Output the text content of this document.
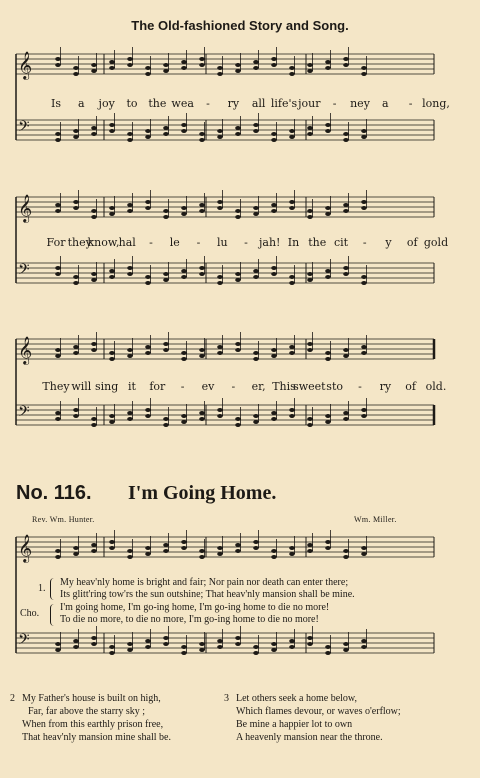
The Old-fashioned Story and Song.
𝄞
𝄢
Is a joy to the wea - ry all life's jour - ney a - long,
𝄞
𝄢
For they
know, hal - le - lu - jah! In the cit - y of gold
𝄞
𝄢
They will sing it for - ev - er, This
sweet sto - ry of old.
No. 116. I'm Going Home.
Rev. Wm. Hunter.	Wm. Miller.
𝄞
𝄢
1.
Cho.
My heav'nly home is bright and fair; Nor pain nor death can enter there;
Its glitt'ring tow'rs the sun outshine; That heav'nly mansion shall be mine.
I'm going home, I'm go-ing home, I'm go-ing home to die no more!
To die no more, to die no more, I'm go-ing home to die no more!
2 My Father's house is built on high,
Far, far above the starry sky ;
When from this earthly prison free,
That heav'nly mansion mine shall be.
3 Let others seek a home below,
Which flames devour, or waves o'erflow;
Be mine a happier lot to own
A heavenly mansion near the throne.
